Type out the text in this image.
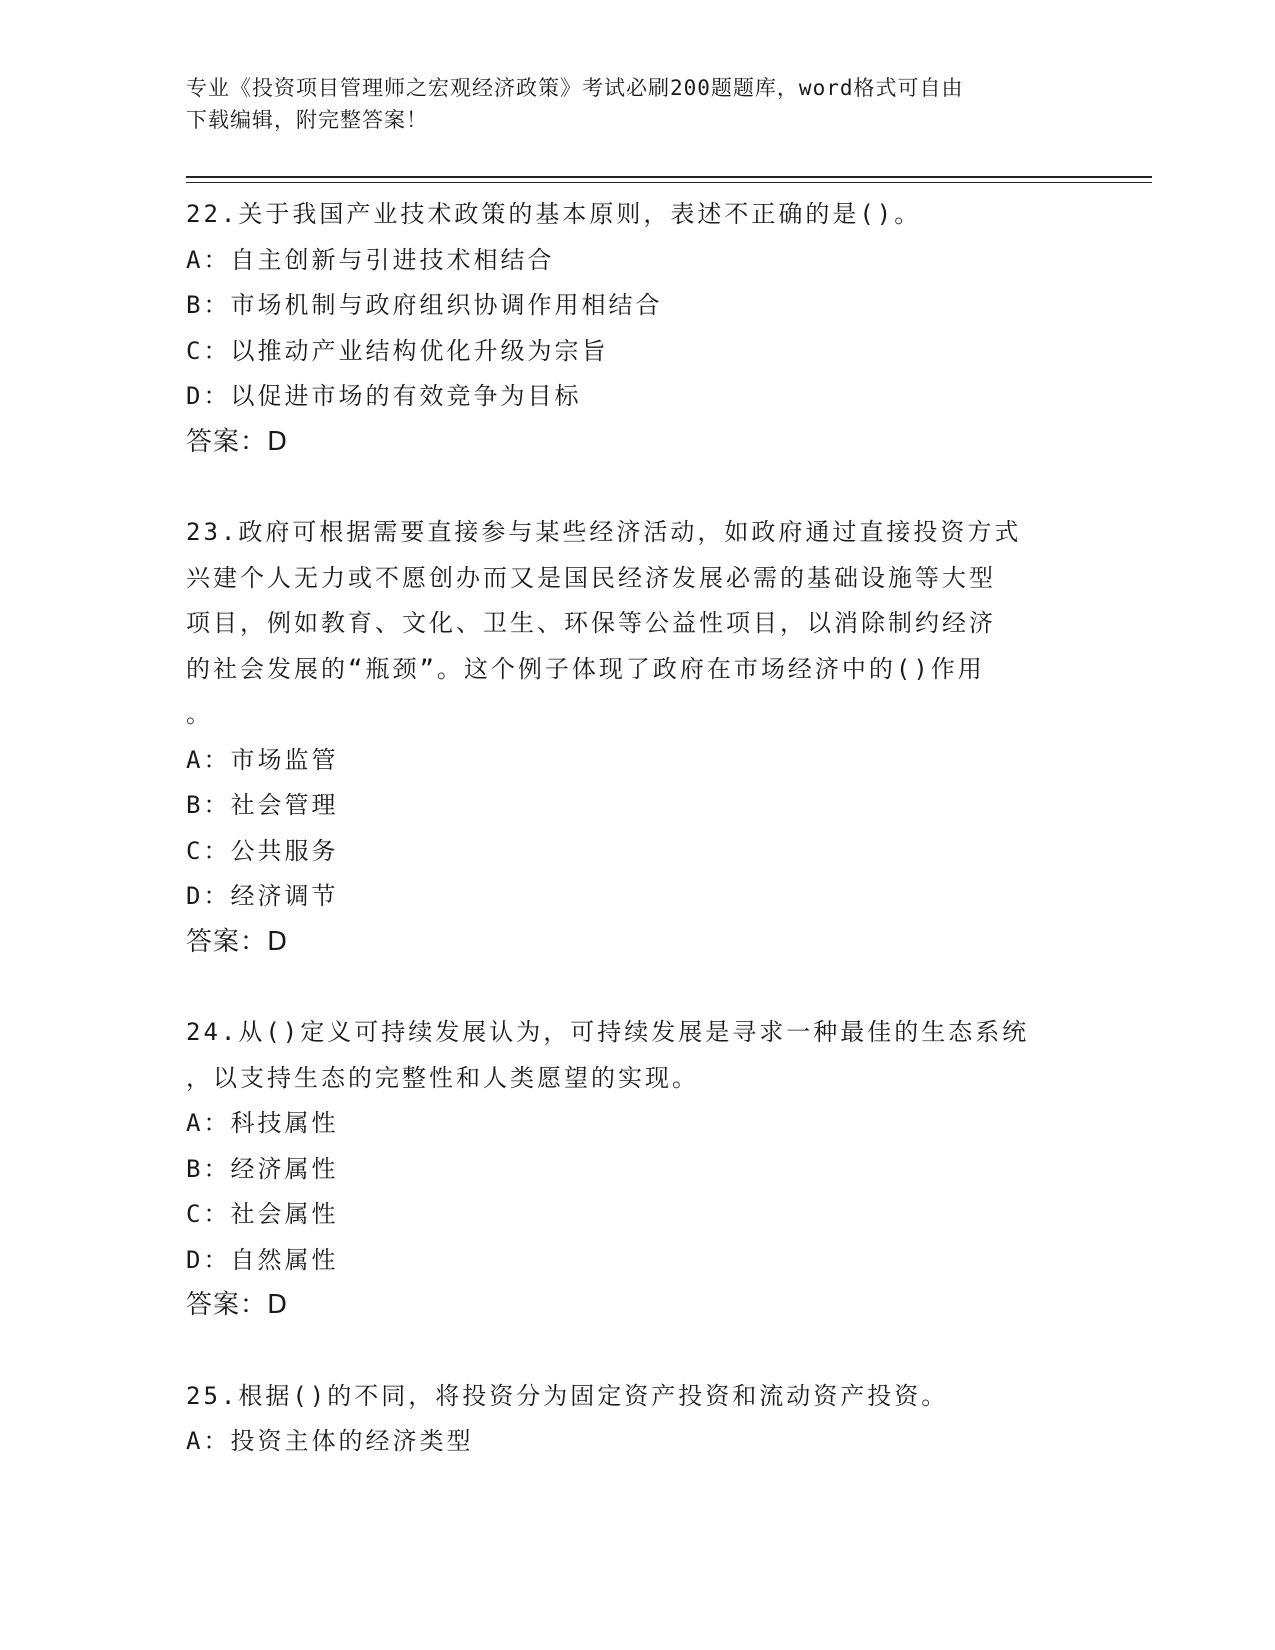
专业《投资项目管理师之宏观经济政策》考试必刷200题题库，word格式可自由
下载编辑，附完整答案！

22.关于我国产业技术政策的基本原则，表述不正确的是()。

A：自主创新与引进技术相结合

B：市场机制与政府组织协调作用相结合

C：以推动产业结构优化升级为宗旨

D：以促进市场的有效竞争为目标

答案：D

23.政府可根据需要直接参与某些经济活动，如政府通过直接投资方式

兴建个人无力或不愿创办而又是国民经济发展必需的基础设施等大型

项目，例如教育、文化、卫生、环保等公益性项目，以消除制约经济

的社会发展的“瓶颈”。这个例子体现了政府在市场经济中的()作用

。

A：市场监管

B：社会管理

C：公共服务

D：经济调节

答案：D

24.从()定义可持续发展认为，可持续发展是寻求一种最佳的生态系统

，以支持生态的完整性和人类愿望的实现。

A：科技属性

B：经济属性

C：社会属性

D：自然属性

答案：D

25.根据()的不同，将投资分为固定资产投资和流动资产投资。

A：投资主体的经济类型
